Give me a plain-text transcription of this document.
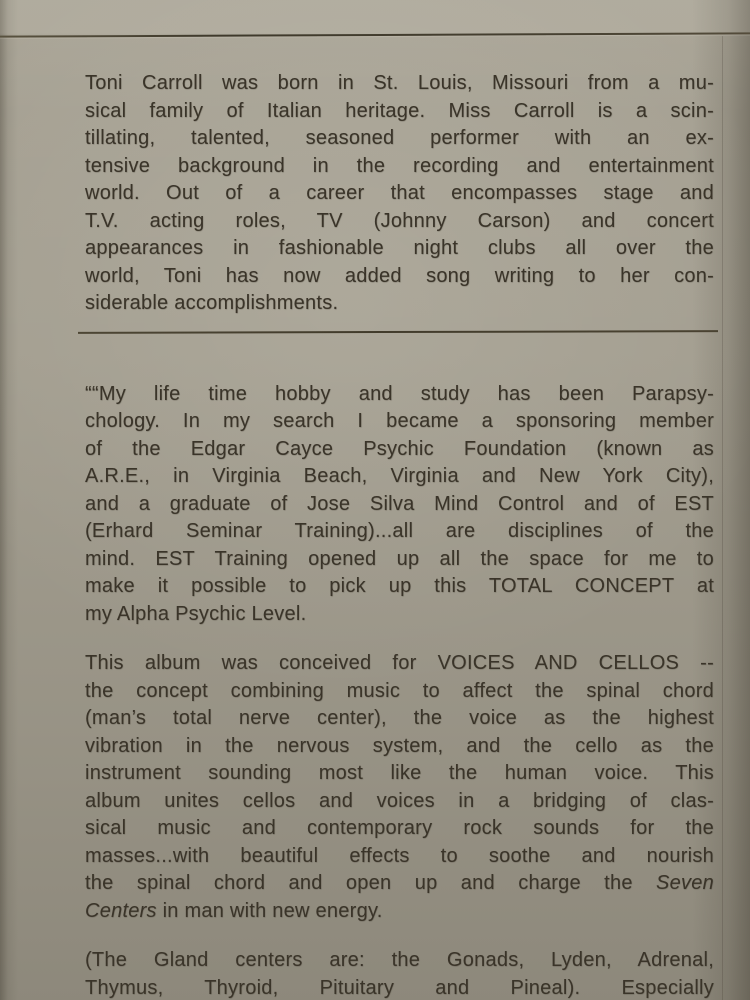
Toni Carroll was born in St. Louis, Missouri from a mu-
sical family of Italian heritage. Miss Carroll is a scin-
tillating, talented, seasoned performer with an ex-
tensive background in the recording and entertainment
world. Out of a career that encompasses stage and
T.V. acting roles, TV (Johnny Carson) and concert
appearances in fashionable night clubs all over the
world, Toni has now added song writing to her con-
siderable accomplishments.
““My life time hobby and study has been Parapsy-
chology. In my search I became a sponsoring member
of the Edgar Cayce Psychic Foundation (known as
A.R.E., in Virginia Beach, Virginia and New York City),
and a graduate of Jose Silva Mind Control and of EST
(Erhard Seminar Training)...all are disciplines of the
mind. EST Training opened up all the space for me to
make it possible to pick up this TOTAL CONCEPT at
my Alpha Psychic Level.
This album was conceived for VOICES AND CELLOS --
the concept combining music to affect the spinal chord
(man’s total nerve center), the voice as the highest
vibration in the nervous system, and the cello as the
instrument sounding most like the human voice. This
album unites cellos and voices in a bridging of clas-
sical music and contemporary rock sounds for the
masses...with beautiful effects to soothe and nourish
the spinal chord and open up and charge the Seven
Centers in man with new energy.
(The Gland centers are: the Gonads, Lyden, Adrenal,
Thymus, Thyroid, Pituitary and Pineal). Especially
